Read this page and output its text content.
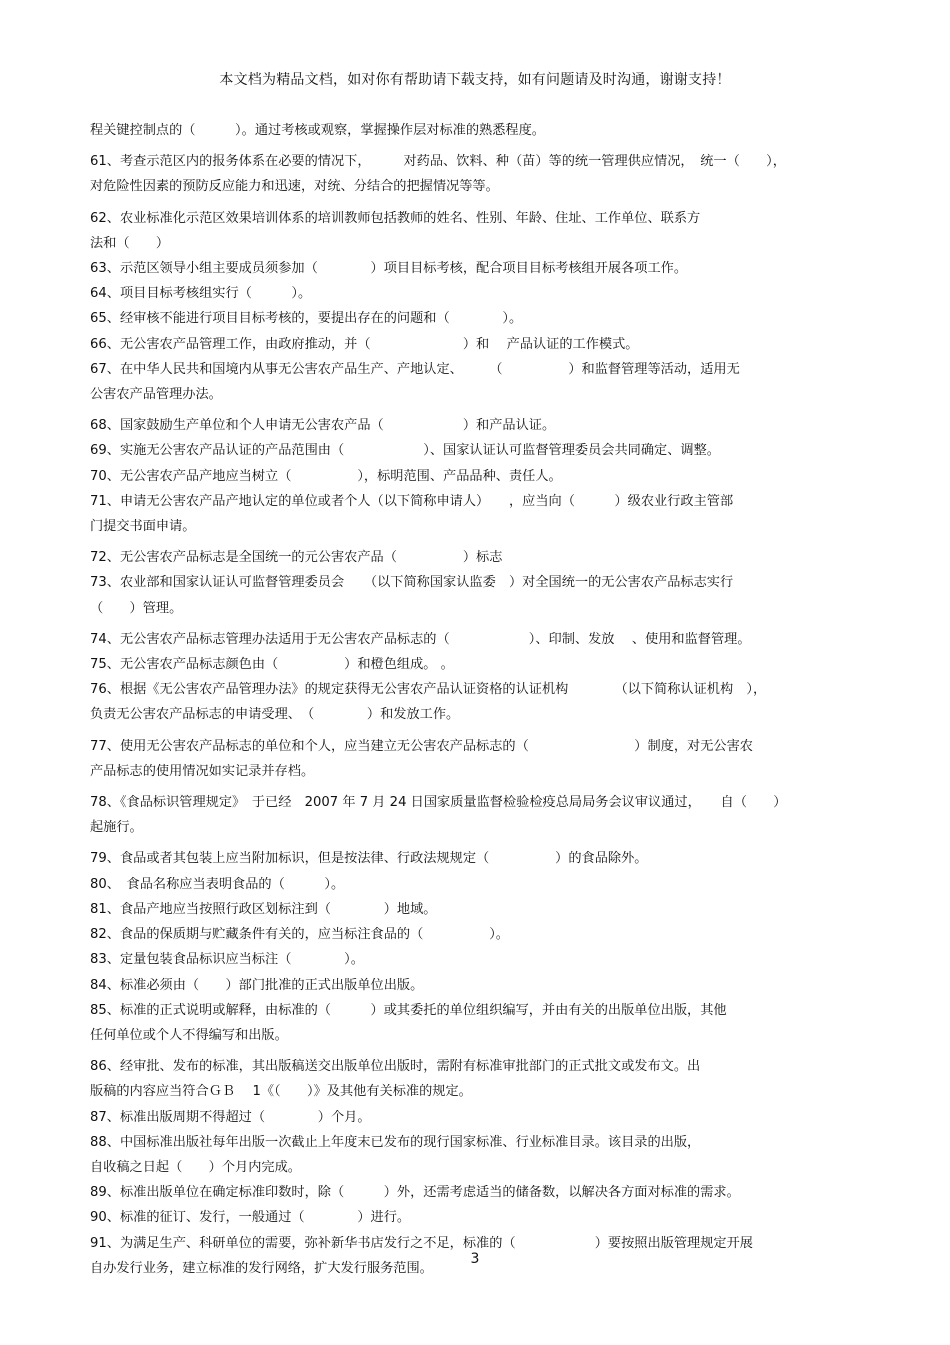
本文档为精品文档，如对你有帮助请下载支持，如有问题请及时沟通，谢谢支持！

程关键控制点的（　　　）。通过考核或观察，掌握操作层对标准的熟悉程度。

61、考查示范区内的报务体系在必要的情况下，　　　对药品、饮料、种（苗）等的统一管理供应情况，　统一（　　），

对危险性因素的预防反应能力和迅速，对统、分结合的把握情况等等。

62、农业标准化示范区效果培训体系的培训教师包括教师的姓名、性别、年龄、住址、工作单位、联系方

法和（　　）

63、示范区领导小组主要成员须参加（　　　　）项目目标考核，配合项目目标考核组开展各项工作。

64、项目目标考核组实行（　　　）。

65、经审核不能进行项目目标考核的，要提出存在的问题和（　　　　）。

66、无公害农产品管理工作，由政府推动，并（　　　　　　　）和　 产品认证的工作模式。

67、在中华人民共和国境内从事无公害农产品生产、产地认定、　　　（　　　　　）和监督管理等活动，适用无

公害农产品管理办法。

68、国家鼓励生产单位和个人申请无公害农产品（　　　　　　）和产品认证。

69、实施无公害农产品认证的产品范围由（　　　　　　）、国家认证认可监督管理委员会共同确定、调整。

70、无公害农产品产地应当树立（　　　　　），标明范围、产品品种、责任人。

71、申请无公害农产品产地认定的单位或者个人（以下简称申请人）　　，应当向（　　　）级农业行政主管部

门提交书面申请。

72、无公害农产品标志是全国统一的元公害农产品（　　　　　）标志

73、农业部和国家认证认可监督管理委员会　　（以下简称国家认监委　）对全国统一的无公害农产品标志实行

（　　）管理。

74、无公害农产品标志管理办法适用于无公害农产品标志的（　　　　　　）、印制、发放　 、使用和监督管理。

75、无公害农产品标志颜色由（　　　　　）和橙色组成。 。

76、根据《无公害农产品管理办法》的规定获得无公害农产品认证资格的认证机构　　　　（以下简称认证机构　），

负责无公害农产品标志的申请受理、　（　　　　）和发放工作。

77、使用无公害农产品标志的单位和个人，应当建立无公害农产品标志的（　　　　　　　　）制度，对无公害农

产品标志的使用情况如实记录并存档。

78、《食品标识管理规定》　于已经　2007 年 7 月 24 日国家质量监督检验检疫总局局务会议审议通过，　　自（　　）

起施行。

79、食品或者其包装上应当附加标识，但是按法律、行政法规规定（　　　　　）的食品除外。

80、　食品名称应当表明食品的（　　　）。

81、食品产地应当按照行政区划标注到（　　　　）地域。

82、食品的保质期与贮藏条件有关的，应当标注食品的（　　　　　）。

83、定量包装食品标识应当标注（　　　　）。

84、标准必须由（　　）部门批准的正式出版单位出版。

85、标准的正式说明或解释，由标准的（　　　）或其委托的单位组织编写，并由有关的出版单位出版，其他

任何单位或个人不得编写和出版。

86、经审批、发布的标准，其出版稿送交出版单位出版时，需附有标准审批部门的正式批文或发布文。出

版稿的内容应当符合ＧＢ　 1《（　　）》及其他有关标准的规定。

87、标准出版周期不得超过（　　　　）个月。

88、中国标准出版社每年出版一次截止上年度末已发布的现行国家标准、行业标准目录。该目录的出版，

自收稿之日起（　　）个月内完成。

89、标准出版单位在确定标准印数时，除（　　　）外，还需考虑适当的储备数，以解决各方面对标准的需求。

90、标准的征订、发行，一般通过（　　　　）进行。

91、为满足生产、科研单位的需要，弥补新华书店发行之不足，标准的（　　　　　　）要按照出版管理规定开展

自办发行业务，建立标准的发行网络，扩大发行服务范围。

3
